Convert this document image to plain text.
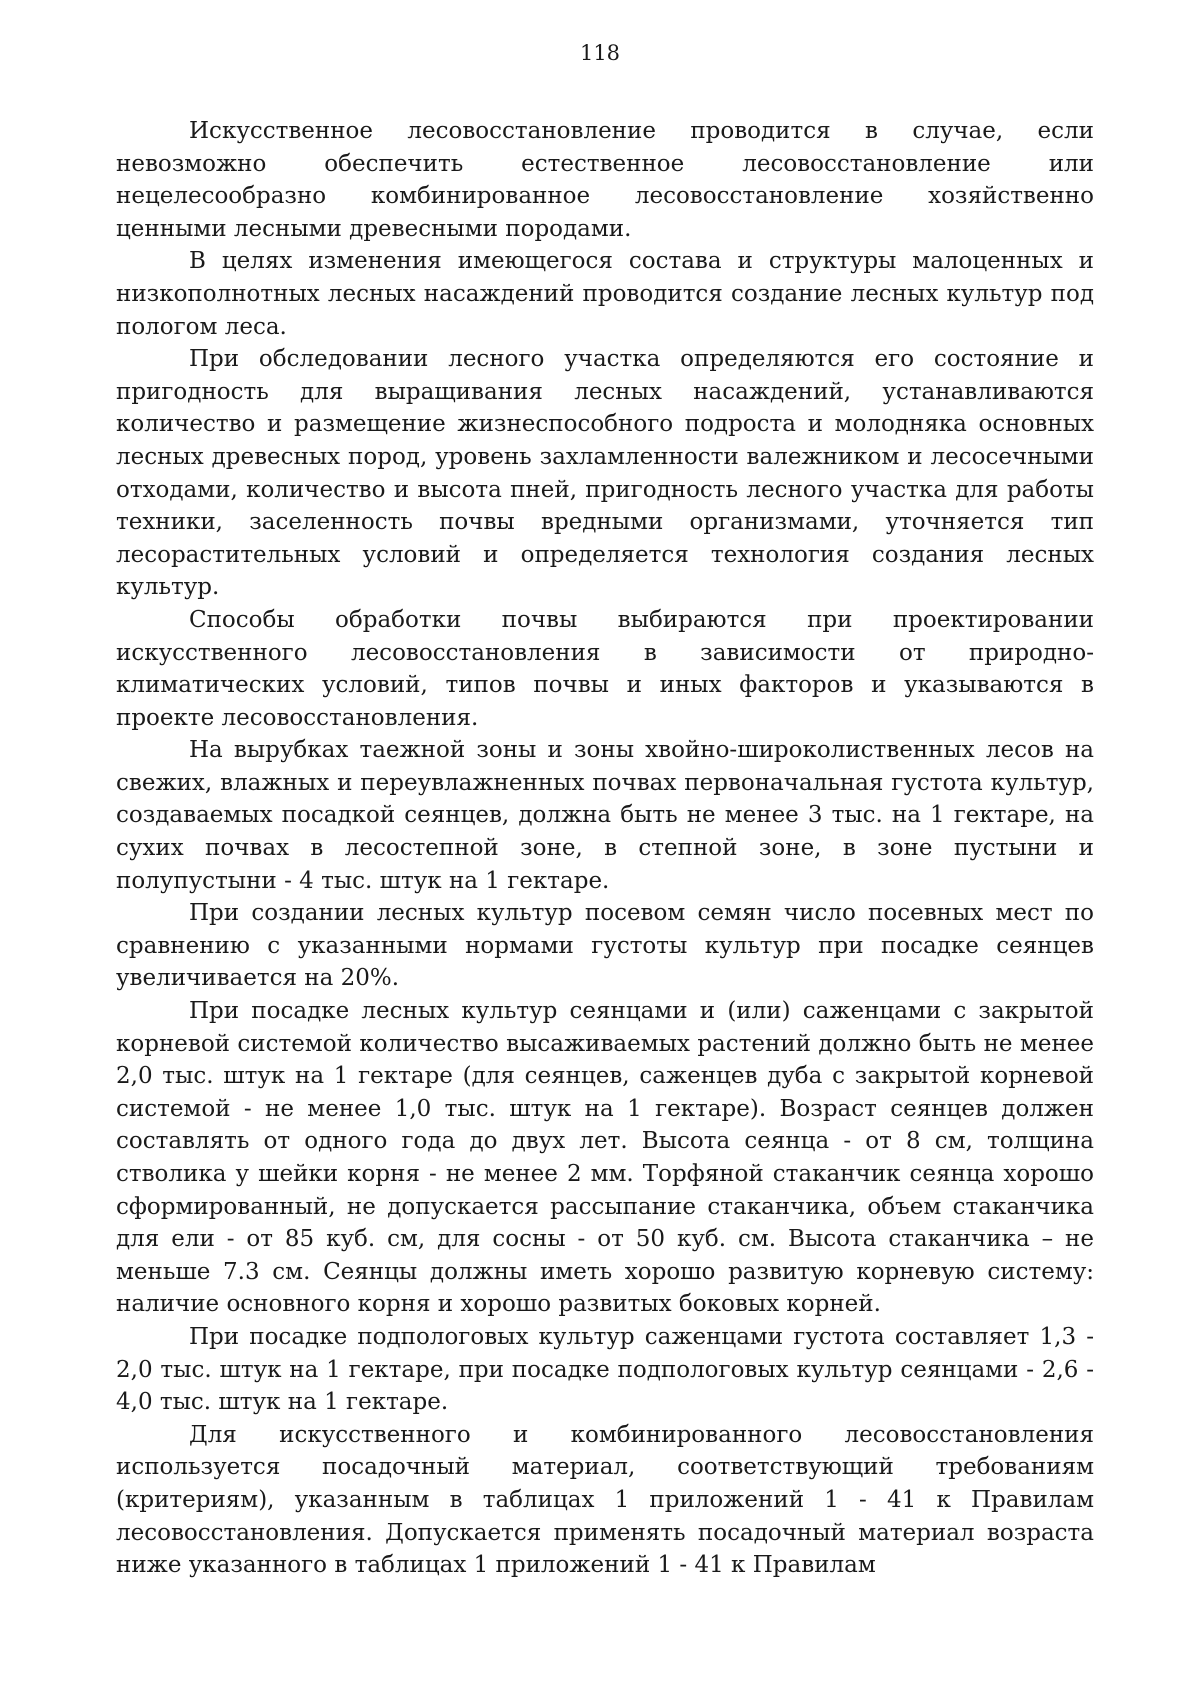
118

Искусственное лесовосстановление проводится в случае, если невозможно обеспечить естественное лесовосстановление или нецелесообразно комбинированное лесовосстановление хозяйственно ценными лесными древесными породами.

В целях изменения имеющегося состава и структуры малоценных и низкополнотных лесных насаждений проводится создание лесных культур под пологом леса.

При обследовании лесного участка определяются его состояние и пригодность для выращивания лесных насаждений, устанавливаются количество и размещение жизнеспособного подроста и молодняка основных лесных древесных пород, уровень захламленности валежником и лесосечными отходами, количество и высота пней, пригодность лесного участка для работы техники, заселенность почвы вредными организмами, уточняется тип лесорастительных условий и определяется технология создания лесных культур.

Способы обработки почвы выбираются при проектировании искусственного лесовосстановления в зависимости от природно-климатических условий, типов почвы и иных факторов и указываются в проекте лесовосстановления.

На вырубках таежной зоны и зоны хвойно-широколиственных лесов на свежих, влажных и переувлажненных почвах первоначальная густота культур, создаваемых посадкой сеянцев, должна быть не менее 3 тыс. на 1 гектаре, на сухих почвах в лесостепной зоне, в степной зоне, в зоне пустыни и полупустыни - 4 тыс. штук на 1 гектаре.

При создании лесных культур посевом семян число посевных мест по сравнению с указанными нормами густоты культур при посадке сеянцев увеличивается на 20%.

При посадке лесных культур сеянцами и (или) саженцами с закрытой корневой системой количество высаживаемых растений должно быть не менее 2,0 тыс. штук на 1 гектаре (для сеянцев, саженцев дуба с закрытой корневой системой - не менее 1,0 тыс. штук на 1 гектаре). Возраст сеянцев должен составлять от одного года до двух лет. Высота сеянца - от 8 см, толщина стволика у шейки корня - не менее 2 мм. Торфяной стаканчик сеянца хорошо сформированный, не допускается рассыпание стаканчика, объем стаканчика для ели - от 85 куб. см, для сосны - от 50 куб. см. Высота стаканчика – не меньше 7.3 см. Сеянцы должны иметь хорошо развитую корневую систему: наличие основного корня и хорошо развитых боковых корней.

При посадке подпологовых культур саженцами густота составляет 1,3 - 2,0 тыс. штук на 1 гектаре, при посадке подпологовых культур сеянцами - 2,6 - 4,0 тыс. штук на 1 гектаре.

Для искусственного и комбинированного лесовосстановления используется посадочный материал, соответствующий требованиям (критериям), указанным в таблицах 1 приложений 1 - 41 к Правилам лесовосстановления. Допускается применять посадочный материал возраста ниже указанного в таблицах 1 приложений 1 - 41 к Правилам
